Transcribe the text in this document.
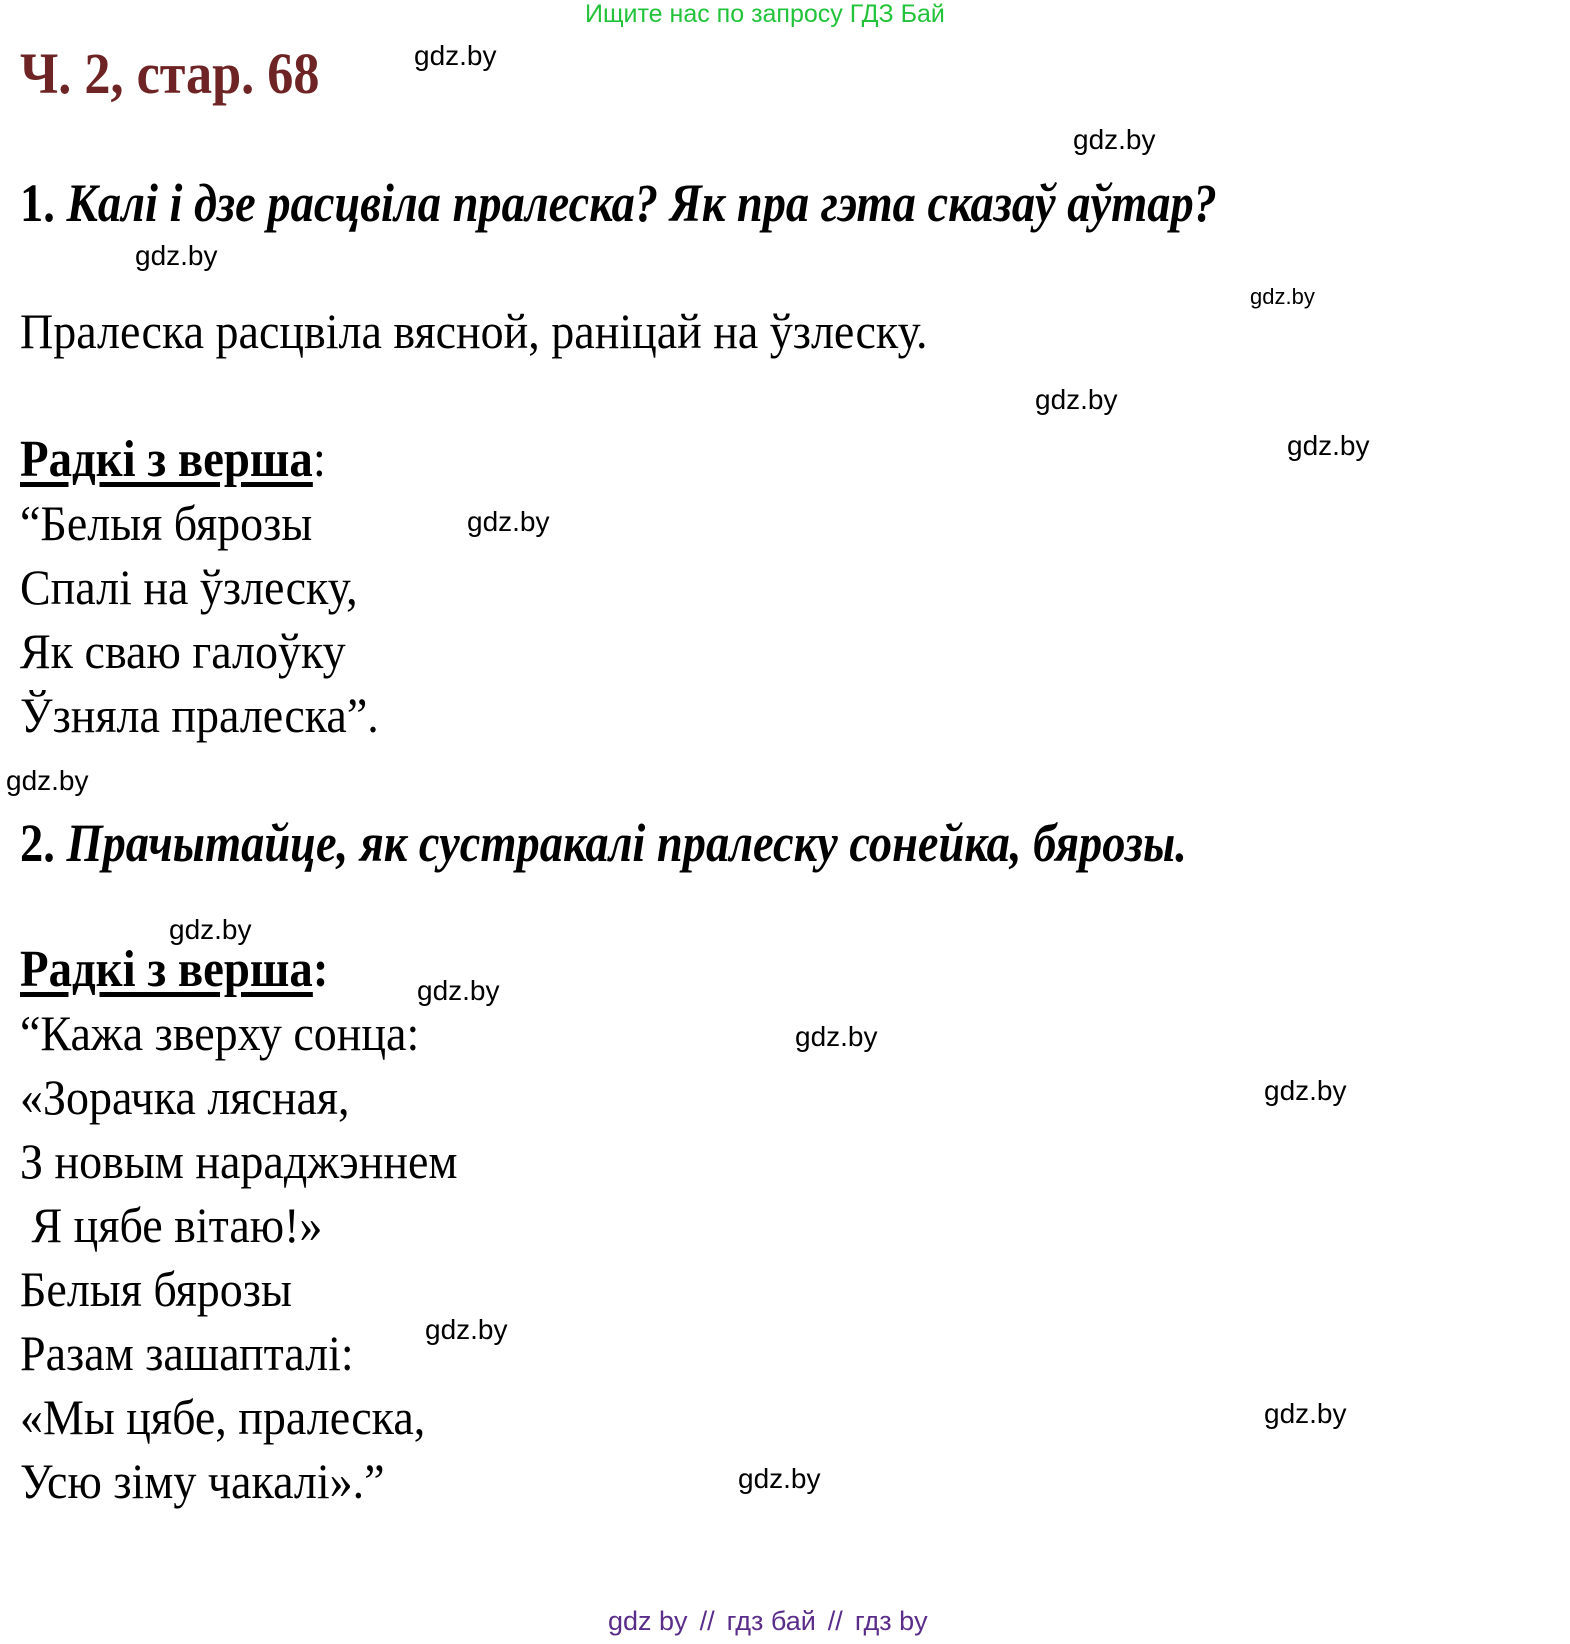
Ищите нас по запросу ГДЗ Бай
Ч. 2, стар. 68	gdz.by
gdz.by
gdz.by
gdz.by
gdz.by
gdz.by
gdz.by
gdz.by
gdz.by
gdz.by
gdz.by
gdz.by
gdz.by
gdz.by
gdz.by
1. Калі і дзе расцвіла пралеска? Як пра гэта сказаў аўтар?
Пралеска расцвіла вясной, раніцай на ўзлеску.
Радкі з верша:
“Белыя бярозы
Спалі на ўзлеску,
Як сваю галоўку
Ўзняла пралеска”.
2. Прачытайце, як сустракалі пралеску сонейка, бярозы.
Радкі з верша:
“Кажа зверху сонца:
«Зорачка лясная,
З новым нараджэннем
Я цябе вітаю!»
Белыя бярозы
Разам зашапталі:
«Мы цябе, пралеска,
Усю зіму чакалі».”
gdz by // гдз бай // гдз by
